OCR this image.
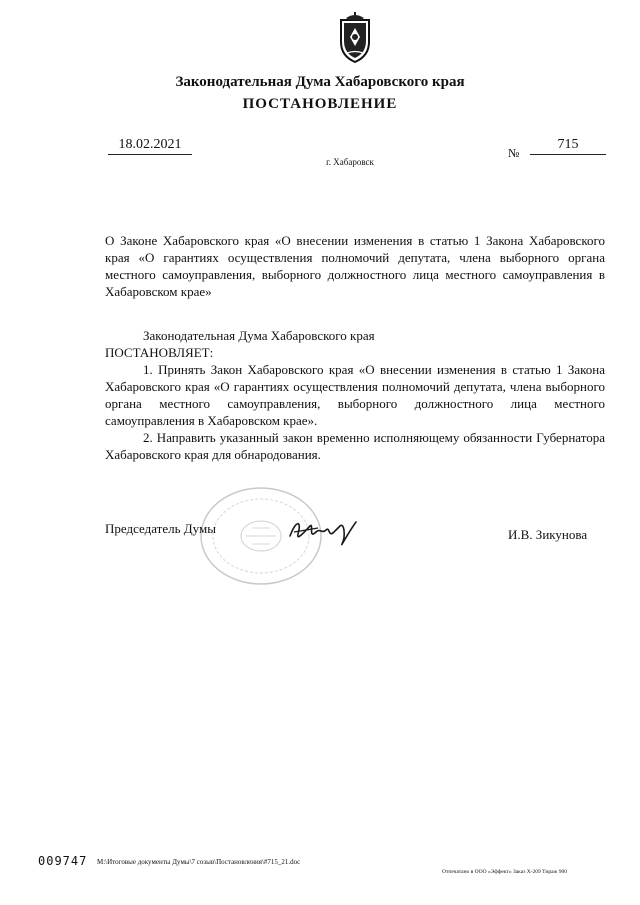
Законодательная Дума Хабаровского края
ПОСТАНОВЛЕНИЕ
18.02.2021
№
715
г. Хабаровск
О Законе Хабаровского края «О внесении изменения в статью 1 Закона Хабаровского края «О гарантиях осуществления полномочий депутата, члена выборного органа местного самоуправления, выборного должностного лица местного самоуправления в Хабаровском крае»

Законодательная Дума Хабаровского края

ПОСТАНОВЛЯЕТ:

1. Принять Закон Хабаровского края «О внесении изменения в статью 1 Закона Хабаровского края «О гарантиях осуществления полномочий депутата, члена выборного органа местного самоуправления, выборного должностного лица местного самоуправления в Хабаровском крае».

2. Направить указанный закон временно исполняющему обязанности Губернатора Хабаровского края для обнародования.

Председатель Думы	И.В. Зикунова
009747 M:\Итоговые документы Думы\7 созыв\Постановления\#715_21.doc
Отпечатано в ООО «Эффект» Заказ Х-209 Тираж 900
